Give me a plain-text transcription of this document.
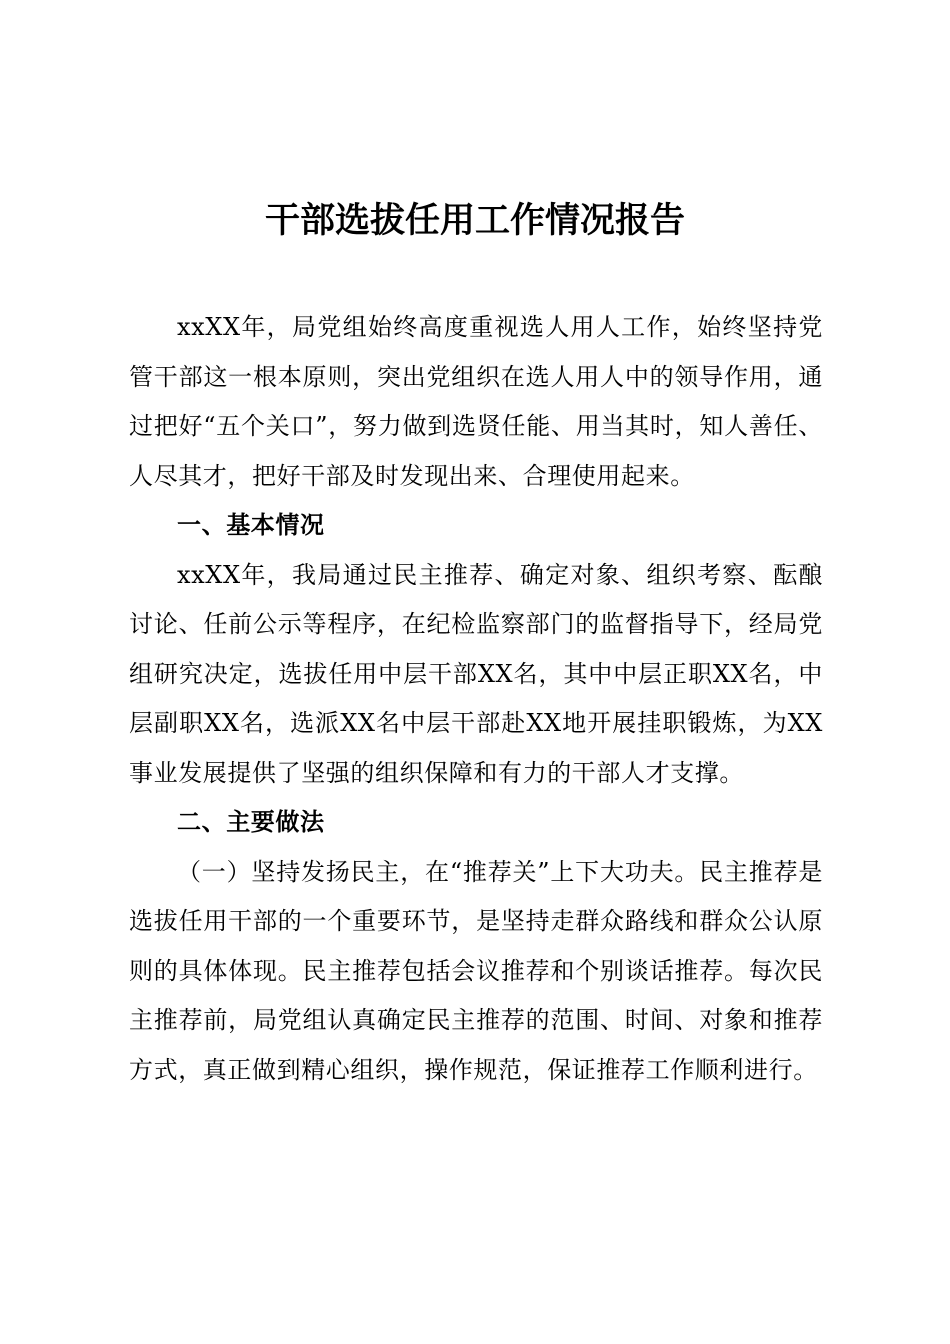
干部选拔任用工作情况报告

xxXX年，局党组始终高度重视选人用人工作，始终坚持党管干部这一根本原则，突出党组织在选人用人中的领导作用，通过把好“五个关口”，努力做到选贤任能、用当其时，知人善任、人尽其才，把好干部及时发现出来、合理使用起来。

一、基本情况

xxXX年，我局通过民主推荐、确定对象、组织考察、酝酿讨论、任前公示等程序，在纪检监察部门的监督指导下，经局党组研究决定，选拔任用中层干部XX名，其中中层正职XX名，中层副职XX名，选派XX名中层干部赴XX地开展挂职锻炼，为XX事业发展提供了坚强的组织保障和有力的干部人才支撑。

二、主要做法

（一）坚持发扬民主，在“推荐关”上下大功夫。民主推荐是选拔任用干部的一个重要环节，是坚持走群众路线和群众公认原则的具体体现。民主推荐包括会议推荐和个别谈话推荐。每次民主推荐前，局党组认真确定民主推荐的范围、时间、对象和推荐方式，真正做到精心组织，操作规范，保证推荐工作顺利进行。
